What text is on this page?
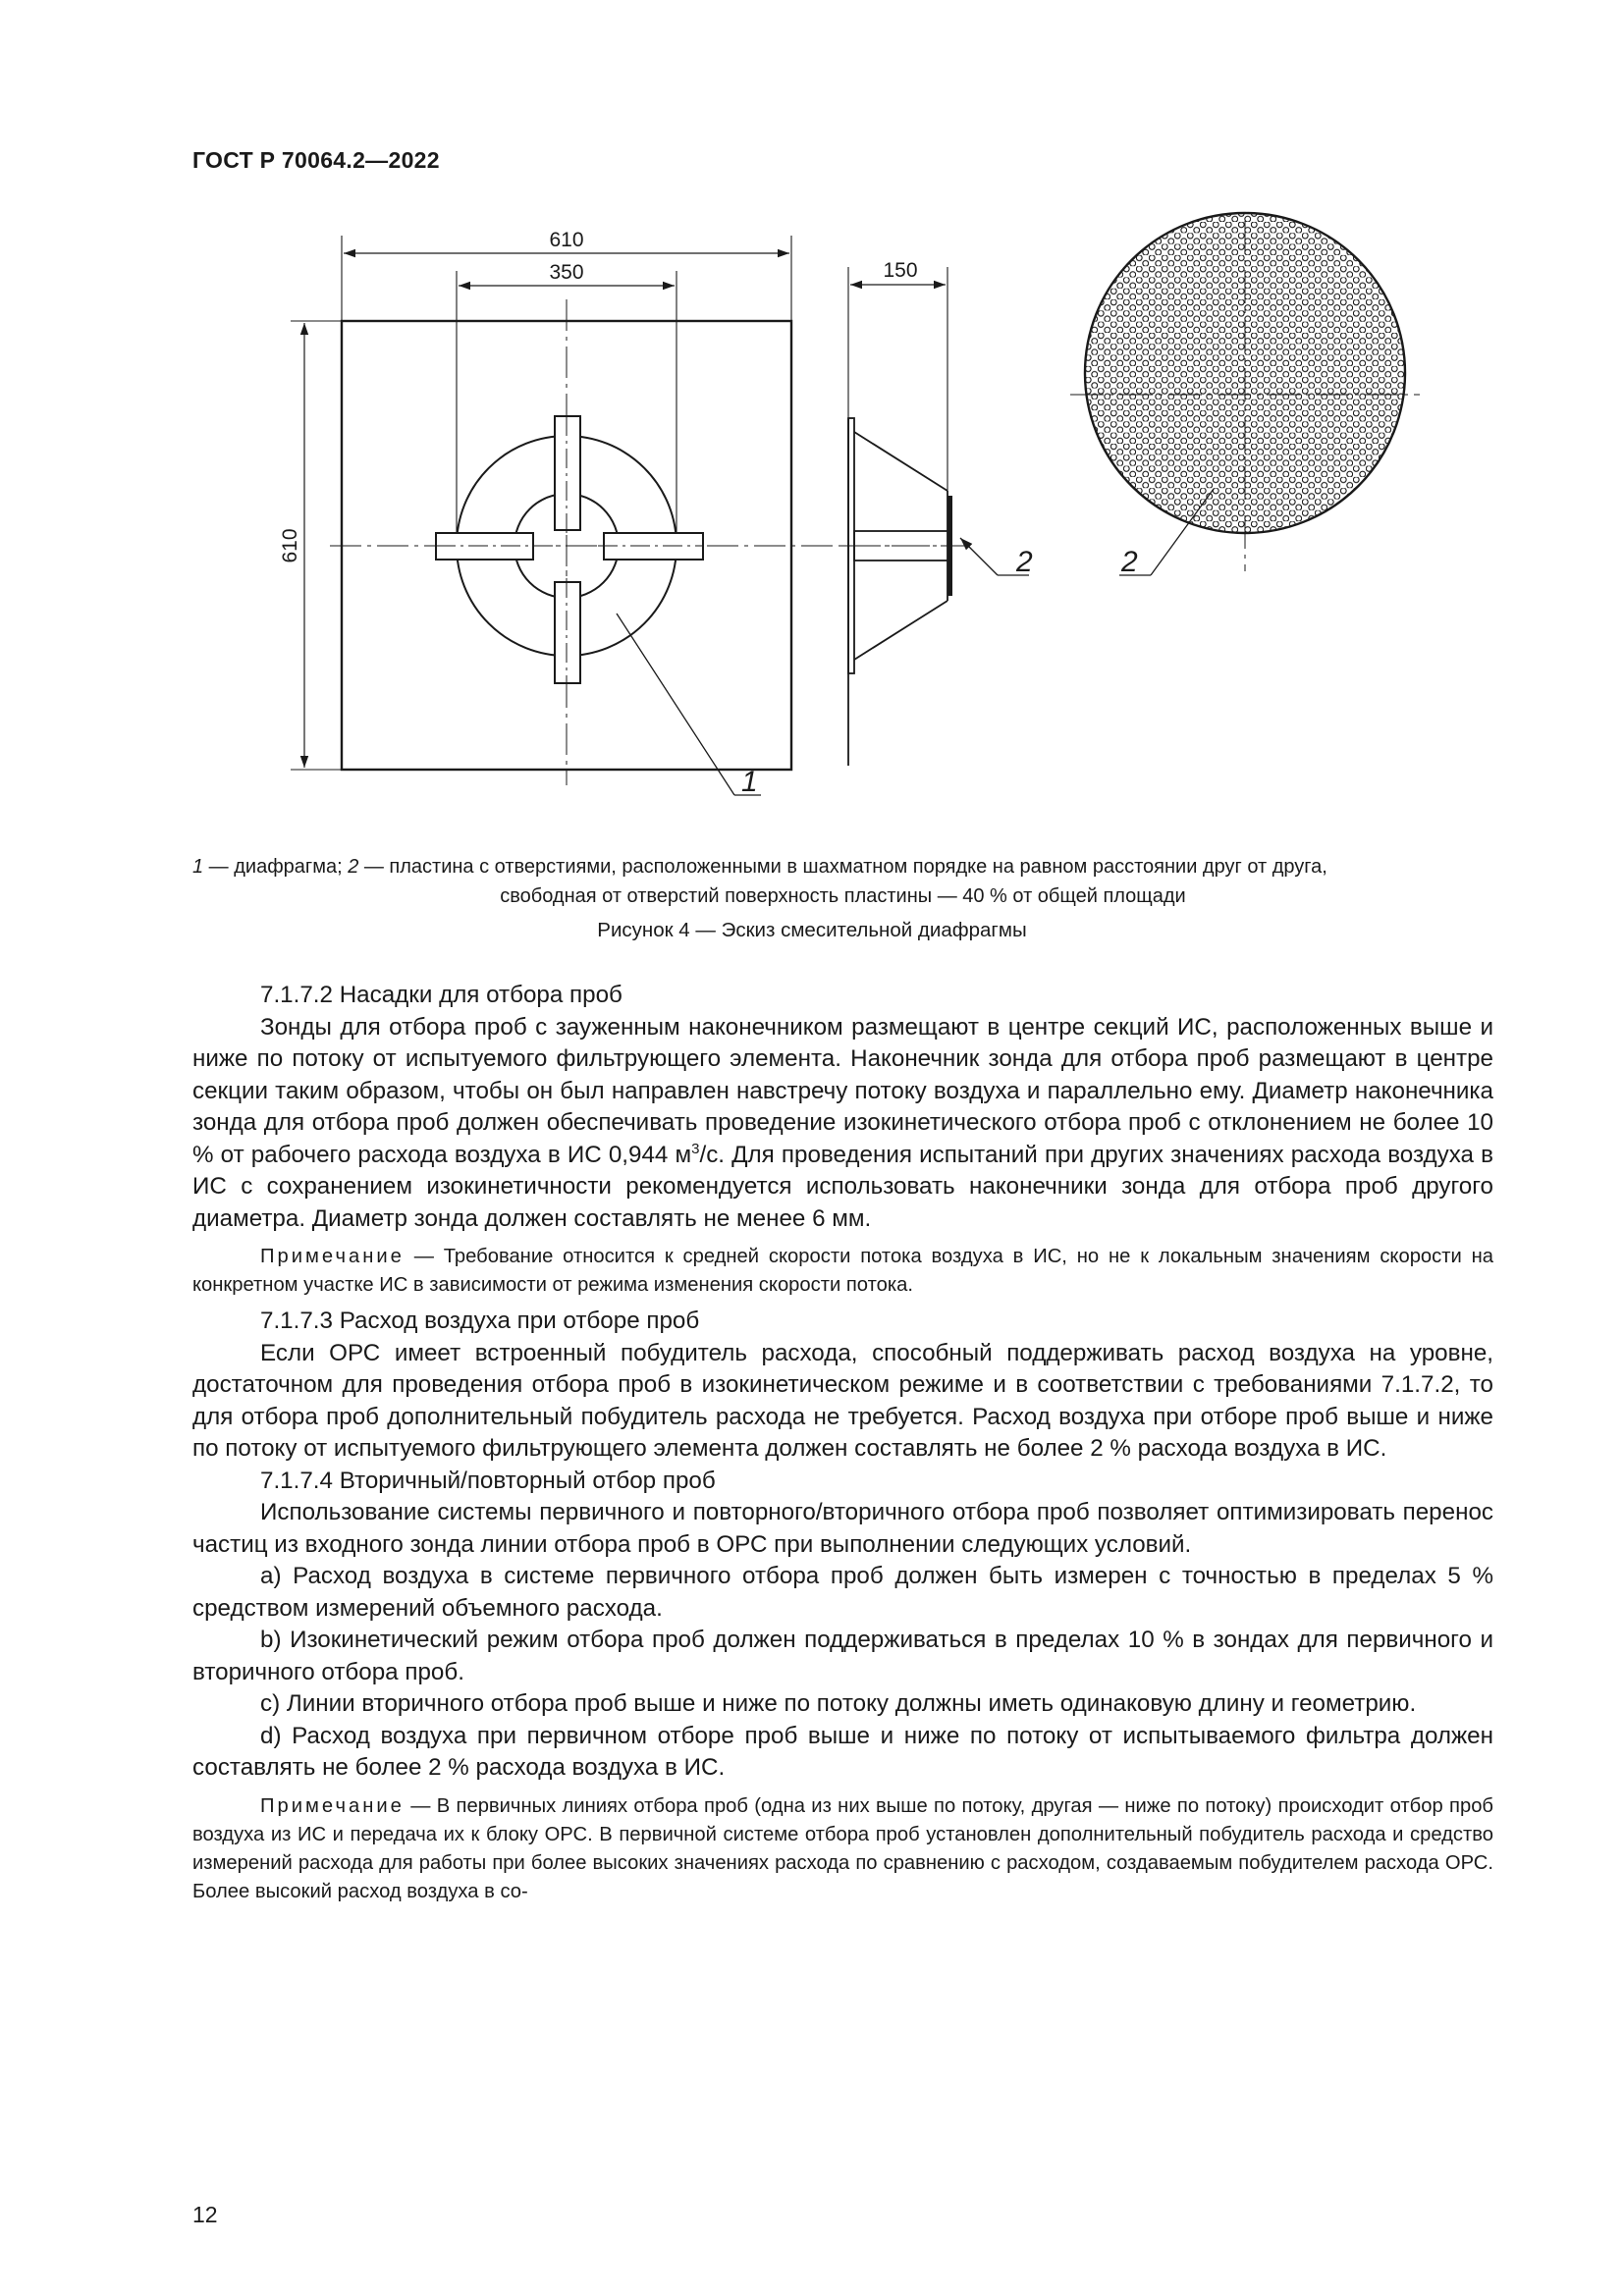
ГОСТ Р 70064.2—2022
610
350
610
150
1
2	2
1 — диафрагма; 2 — пластина с отверстиями, расположенными в шахматном порядке на равном расстоянии друг от друга,
свободная от отверстий поверхность пластины — 40 % от общей площади
Рисунок 4 — Эскиз смесительной диафрагмы

7.1.7.2 Насадки для отбора проб

Зонды для отбора проб с зауженным наконечником размещают в центре секций ИС, расположенных выше и ниже по потоку от испытуемого фильтрующего элемента. Наконечник зонда для отбора проб размещают в центре секции таким образом, чтобы он был направлен навстречу потоку воздуха и параллельно ему. Диаметр наконечника зонда для отбора проб должен обеспечивать проведение изокинетического отбора проб с отклонением не более 10 % от рабочего расхода воздуха в ИС 0,944 $м^3/с$. Для проведения испытаний при других значениях расхода воздуха в ИС с сохранением изокинетичности рекомендуется использовать наконечники зонда для отбора проб другого диаметра. Диаметр зонда должен составлять не менее 6 мм.

Примечание — Требование относится к средней скорости потока воздуха в ИС, но не к локальным значениям скорости на конкретном участке ИС в зависимости от режима изменения скорости потока.

7.1.7.3 Расход воздуха при отборе проб

Если ОРС имеет встроенный побудитель расхода, способный поддерживать расход воздуха на уровне, достаточном для проведения отбора проб в изокинетическом режиме и в соответствии с требованиями 7.1.7.2, то для отбора проб дополнительный побудитель расхода не требуется. Расход воздуха при отборе проб выше и ниже по потоку от испытуемого фильтрующего элемента должен составлять не более 2 % расхода воздуха в ИС.

7.1.7.4 Вторичный/повторный отбор проб

Использование системы первичного и повторного/вторичного отбора проб позволяет оптимизировать перенос частиц из входного зонда линии отбора проб в ОРС при выполнении следующих условий.

a) Расход воздуха в системе первичного отбора проб должен быть измерен с точностью в пределах 5 % средством измерений объемного расхода.

b) Изокинетический режим отбора проб должен поддерживаться в пределах 10 % в зондах для первичного и вторичного отбора проб.

c) Линии вторичного отбора проб выше и ниже по потоку должны иметь одинаковую длину и геометрию.

d) Расход воздуха при первичном отборе проб выше и ниже по потоку от испытываемого фильтра должен составлять не более 2 % расхода воздуха в ИС.

Примечание — В первичных линиях отбора проб (одна из них выше по потоку, другая — ниже по потоку) происходит отбор проб воздуха из ИС и передача их к блоку ОРС. В первичной системе отбора проб установлен дополнительный побудитель расхода и средство измерений расхода для работы при более высоких значениях расхода по сравнению с расходом, создаваемым побудителем расхода ОРС. Более высокий расход воздуха в со-

12
